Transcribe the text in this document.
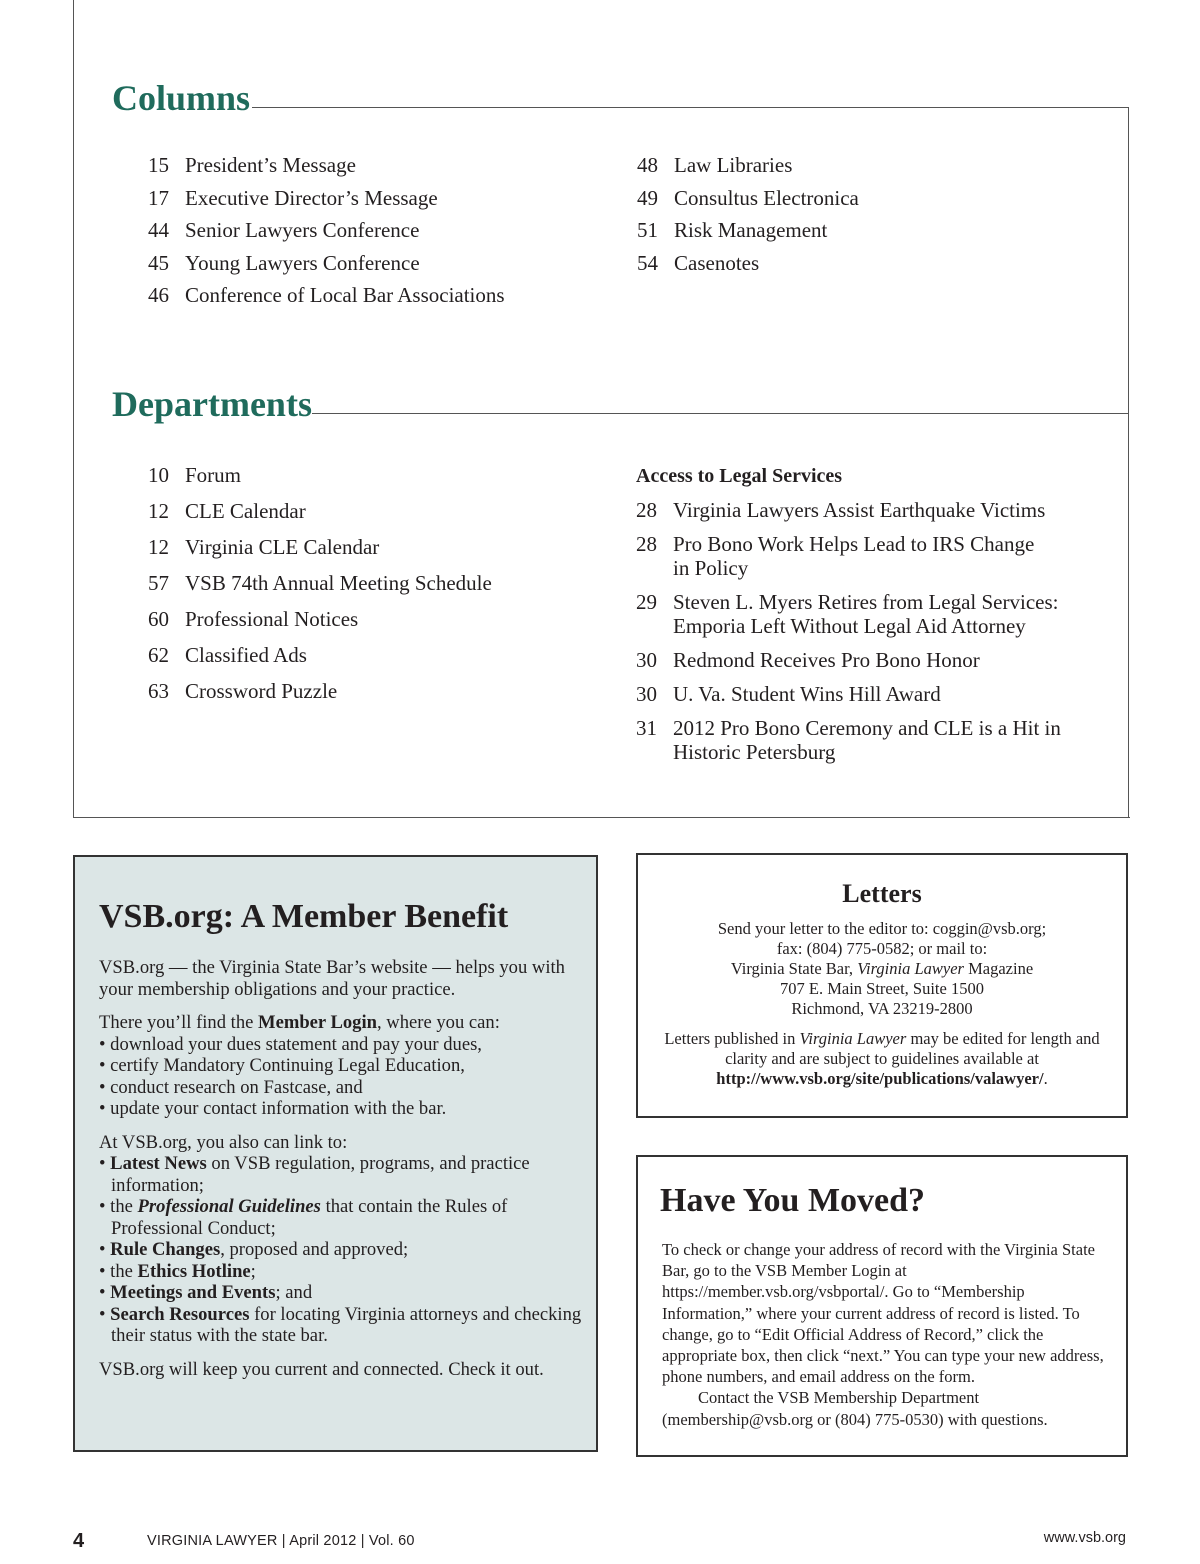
Columns
15 President’s Message
17 Executive Director’s Message
44 Senior Lawyers Conference
45 Young Lawyers Conference
46 Conference of Local Bar Associations
48 Law Libraries
49 Consultus Electronica
51 Risk Management
54 Casenotes
Departments
10 Forum
12 CLE Calendar
12 Virginia CLE Calendar
57 VSB 74th Annual Meeting Schedule
60 Professional Notices
62 Classified Ads
63 Crossword Puzzle
Access to Legal Services
28 Virginia Lawyers Assist Earthquake Victims
28 Pro Bono Work Helps Lead to IRS Change in Policy
29 Steven L. Myers Retires from Legal Services: Emporia Left Without Legal Aid Attorney
30 Redmond Receives Pro Bono Honor
30 U. Va. Student Wins Hill Award
31 2012 Pro Bono Ceremony and CLE is a Hit in Historic Petersburg
VSB.org: A Member Benefit

VSB.org — the Virginia State Bar’s website — helps you with your membership obligations and your practice.

There you’ll find the Member Login, where you can:

• download your dues statement and pay your dues,
• certify Mandatory Continuing Legal Education,
• conduct research on Fastcase, and
• update your contact information with the bar.

At VSB.org, you also can link to:

• Latest News on VSB regulation, programs, and practice information;
• the Professional Guidelines that contain the Rules of Professional Conduct;
• Rule Changes, proposed and approved;
• the Ethics Hotline;
• Meetings and Events; and
• Search Resources for locating Virginia attorneys and checking their status with the state bar.

VSB.org will keep you current and connected. Check it out.

Letters

Send your letter to the editor to: coggin@vsb.org;
fax: (804) 775-0582; or mail to:
Virginia State Bar, Virginia Lawyer Magazine
707 E. Main Street, Suite 1500
Richmond, VA 23219-2800

Letters published in Virginia Lawyer may be edited for length and clarity and are subject to guidelines available at http://www.vsb.org/site/publications/valawyer/.

Have You Moved?

To check or change your address of record with the Virginia State Bar, go to the VSB Member Login at https://member.vsb.org/vsbportal/. Go to “Membership Information,” where your current address of record is listed. To change, go to “Edit Official Address of Record,” click the appropriate box, then click “next.” You can type your new address, phone numbers, and email address on the form.

Contact the VSB Membership Department (membership@vsb.org or (804) 775-0530) with questions.

4	VIRGINIA LAWYER | April 2012 | Vol. 60	www.vsb.org
